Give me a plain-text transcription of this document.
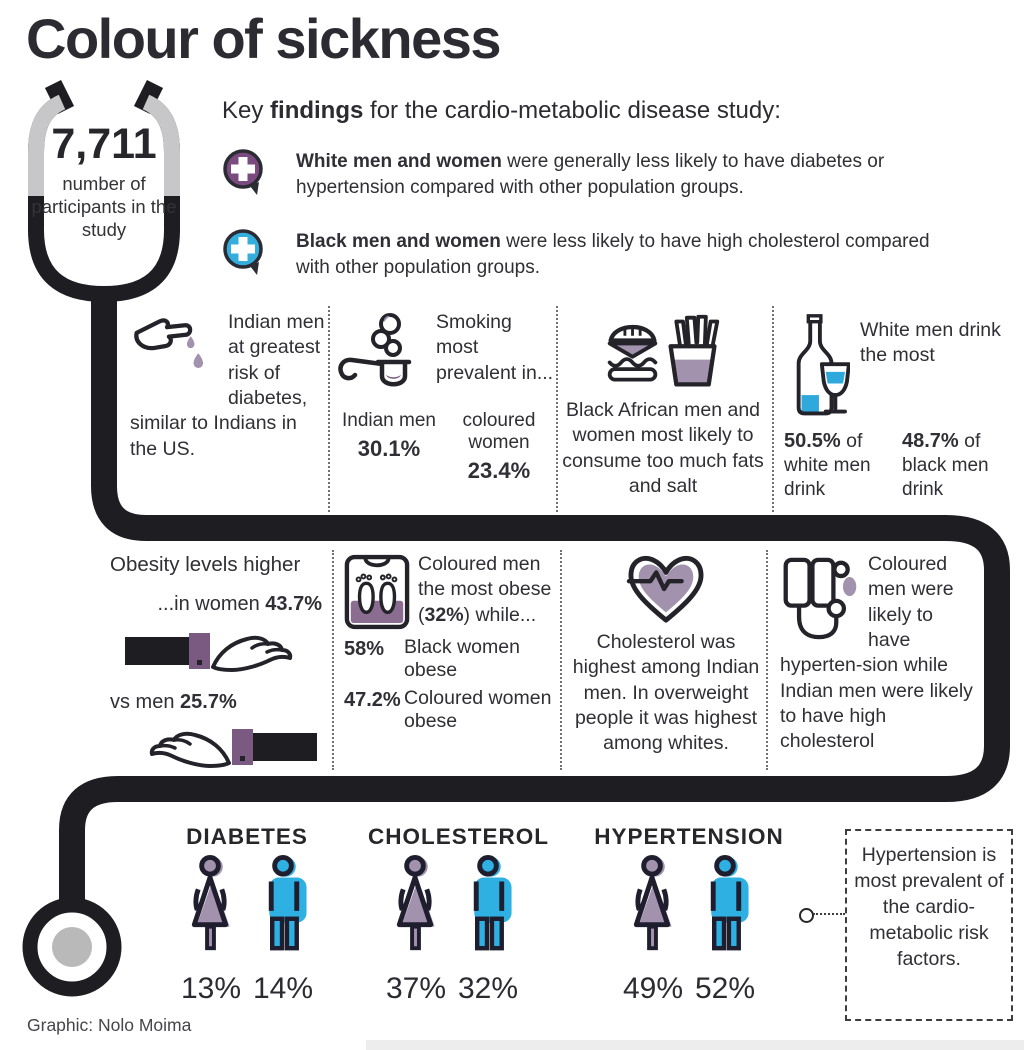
Colour of sickness
7,711
number of participants in the study
Key findings for the cardio-metabolic disease study:
White men and women were generally less likely to have diabetes or hypertension compared with other population groups.
Black men and women were less likely to have high cholesterol compared with other population groups.

Indian men at greatest risk of diabetes, similar to Indians in the US.

Smoking most prevalent in...

Indian men
30.1%
coloured women
23.4%

Black African men and women most likely to consume too much fats and salt

White men drink the most

50.5% of
white men drink
48.7% of
black men drink
Obesity levels higher
...in women 43.7%
vs men 25.7%

Coloured men the most obese (32%) while...

58%	Black women obese
47.2% Coloured women obese

Cholesterol was highest among Indian men. In overweight people it was highest among whites.

Coloured men were likely to have hyperten-sion while Indian men were likely to have high cholesterol

DIABETES
13% 14%
CHOLESTEROL
37% 32%
HYPERTENSION
49% 52%
Hypertension is most prevalent of the cardio-metabolic risk factors.
Graphic: Nolo Moima
